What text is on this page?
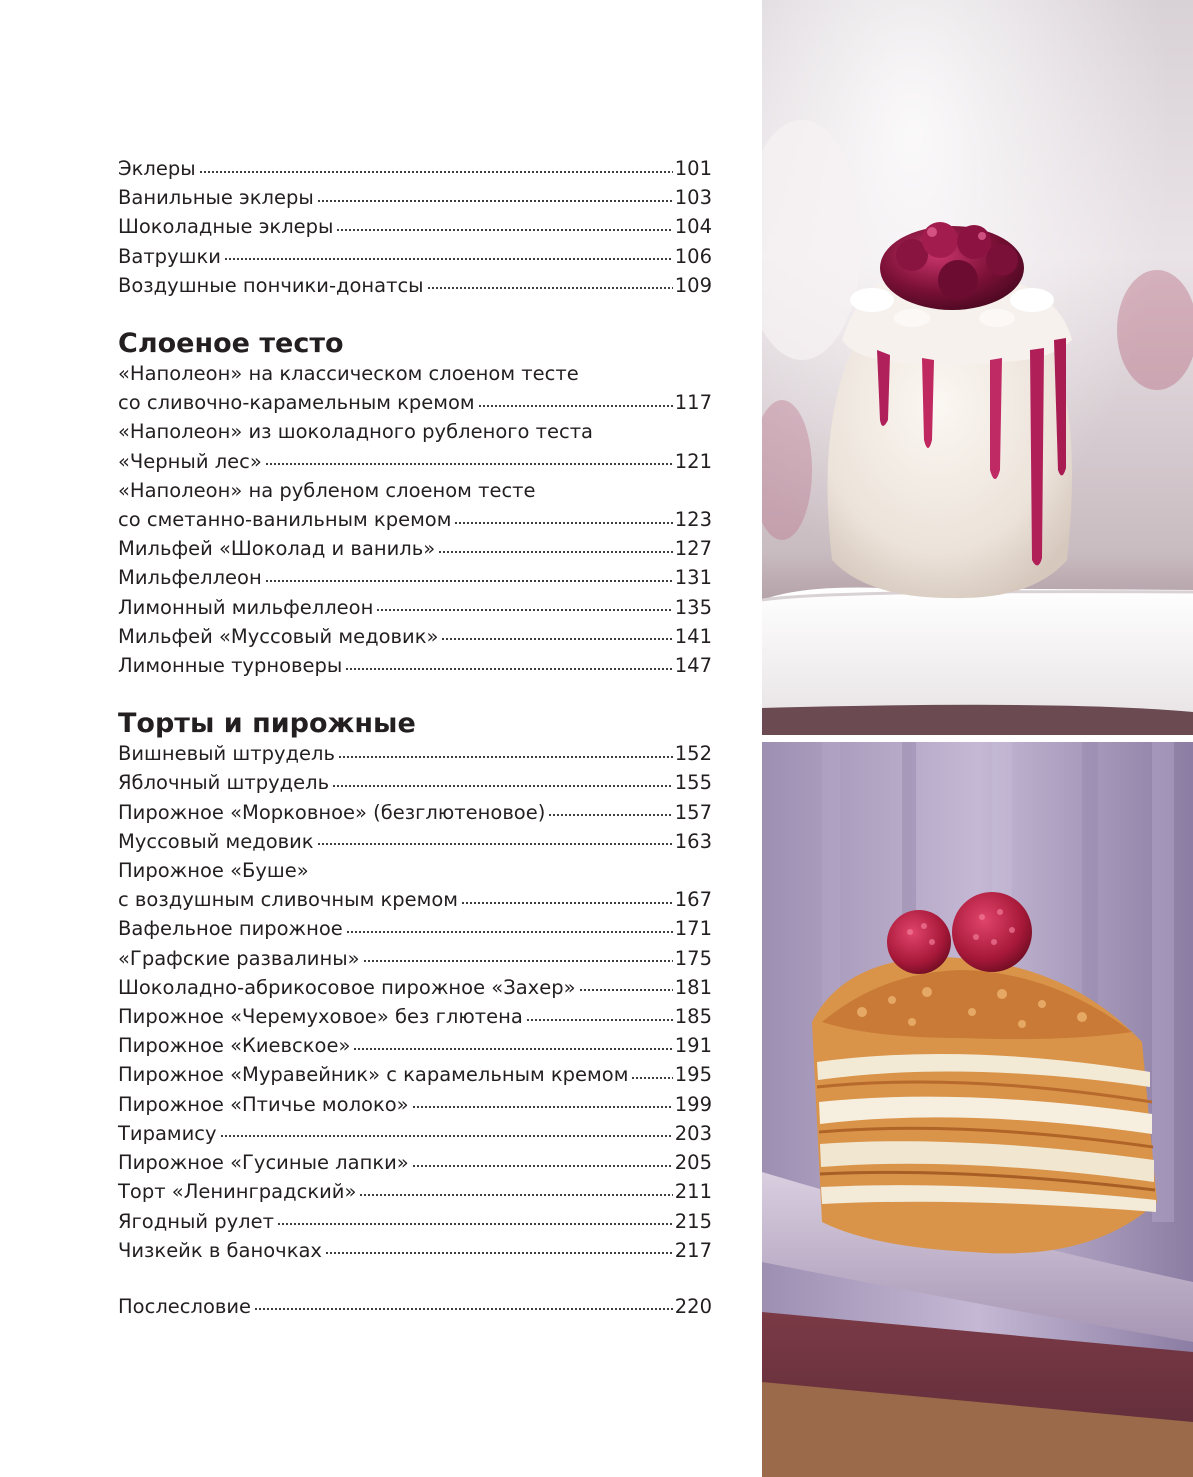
Эклеры	101
Ванильные эклеры	103
Шоколадные эклеры	104
Ватрушки	106
Воздушные пончики-донатсы	109
Слоеное тесто
«Наполеон» на классическом слоеном тесте
со сливочно-карамельным кремом	117
«Наполеон» из шоколадного рубленого теста
«Черный лес»	121
«Наполеон» на рубленом слоеном тесте
со сметанно-ванильным кремом	123
Мильфей «Шоколад и ваниль»	127
Мильфеллеон	131
Лимонный мильфеллеон	135
Мильфей «Муссовый медовик»	141
Лимонные турноверы	147
Торты и пирожные
Вишневый штрудель	152
Яблочный штрудель	155
Пирожное «Морковное» (безглютеновое)	157
Муссовый медовик	163
Пирожное «Буше»
с воздушным сливочным кремом	167
Вафельное пирожное	171
«Графские развалины»	175
Шоколадно-абрикосовое пирожное «Захер»	181
Пирожное «Черемуховое» без глютена	185
Пирожное «Киевское»	191
Пирожное «Муравейник» с карамельным кремом 195
Пирожное «Птичье молоко»	199
Тирамису	203
Пирожное «Гусиные лапки»	205
Торт «Ленинградский»	211
Ягодный рулет	215
Чизкейк в баночках	217
Послесловие	220
